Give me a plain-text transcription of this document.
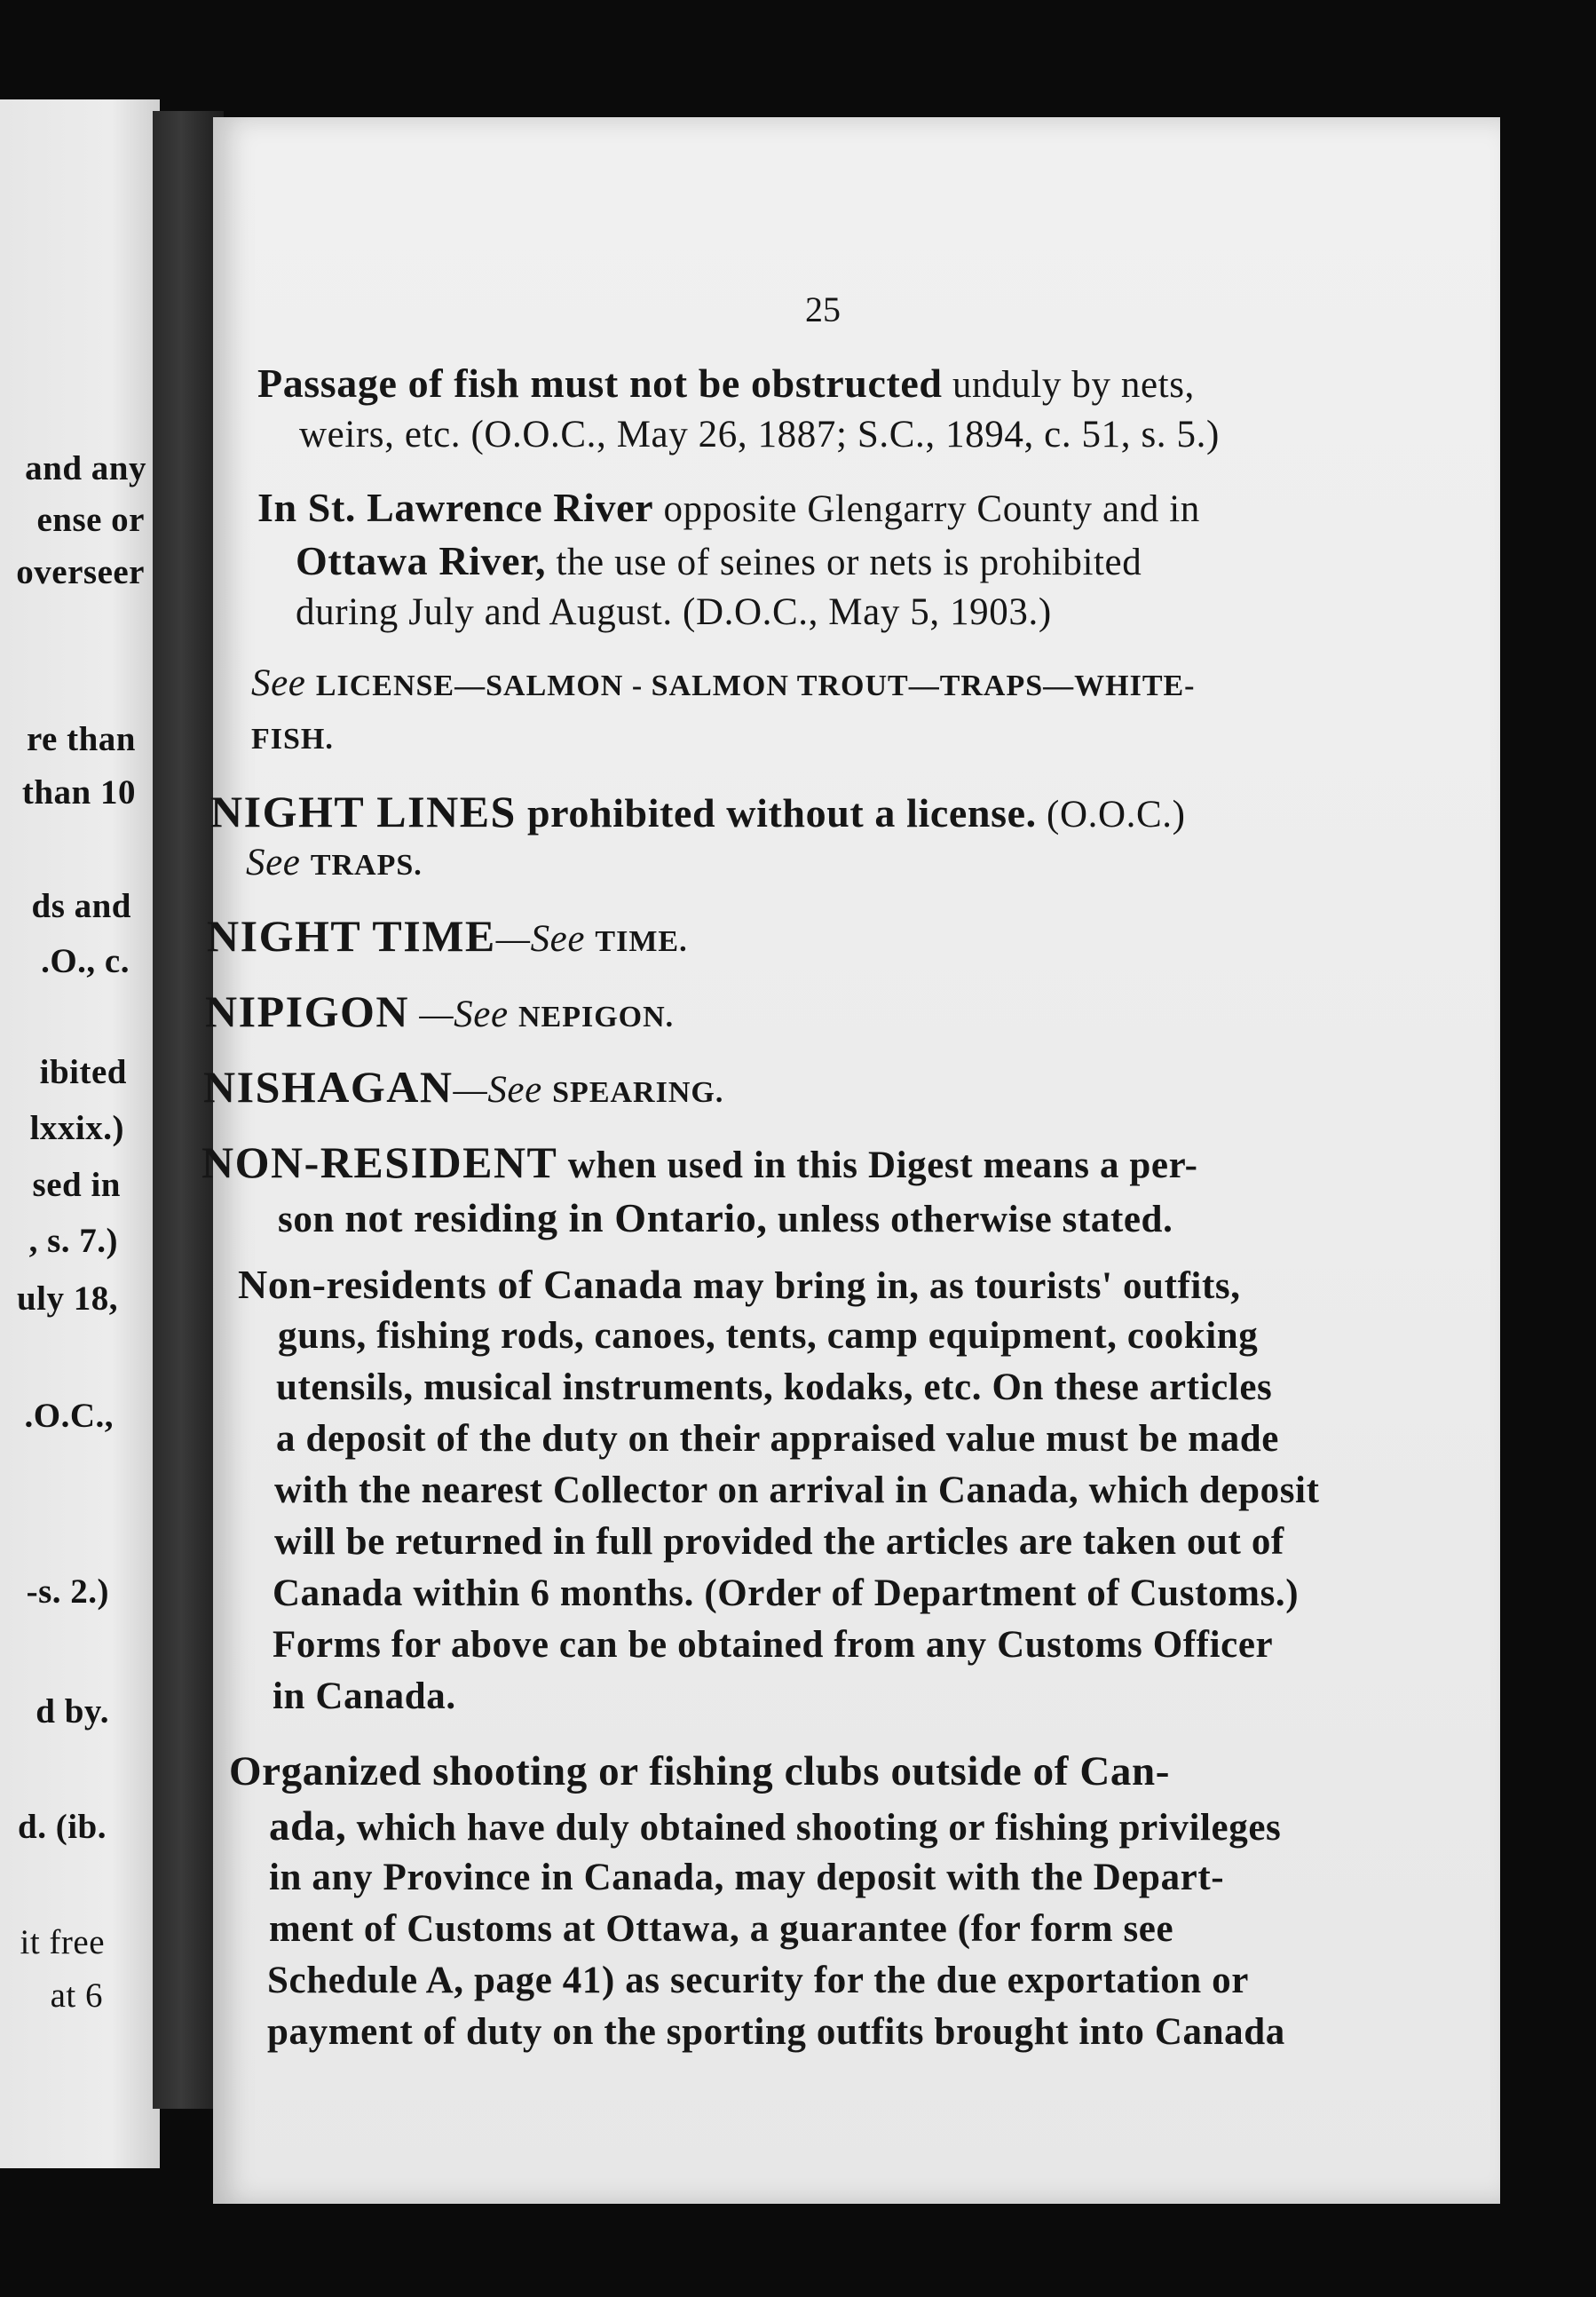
and any
ense or
overseer
re than
than 10
ds and
.O., c.
ibited
lxxix.)
sed in
, s. 7.)
uly 18,
.O.C.,
-s. 2.)
d by.
d. (ib.
it free
at 6
25
Passage of fish must not be obstructed unduly by nets,
weirs, etc. (O.O.C., May 26, 1887; S.C., 1894, c. 51, s. 5.)
In St. Lawrence River opposite Glengarry County and in
Ottawa River, the use of seines or nets is prohibited
during July and August. (D.O.C., May 5, 1903.)
See LICENSE—SALMON - SALMON TROUT—TRAPS—WHITE-
FISH.
NIGHT LINES prohibited without a license. (O.O.C.)
See TRAPS.
NIGHT TIME—See TIME.
NIPIGON —See NEPIGON.
NISHAGAN—See SPEARING.
NON-RESIDENT when used in this Digest means a per-
son not residing in Ontario, unless otherwise stated.
Non-residents of Canada may bring in, as tourists' outfits,
guns, fishing rods, canoes, tents, camp equipment, cooking
utensils, musical instruments, kodaks, etc. On these articles
a deposit of the duty on their appraised value must be made
with the nearest Collector on arrival in Canada, which deposit
will be returned in full provided the articles are taken out of
Canada within 6 months. (Order of Department of Customs.)
Forms for above can be obtained from any Customs Officer
in Canada.
Organized shooting or fishing clubs outside of Can-
ada, which have duly obtained shooting or fishing privileges
in any Province in Canada, may deposit with the Depart-
ment of Customs at Ottawa, a guarantee (for form see
Schedule A, page 41) as security for the due exportation or
payment of duty on the sporting outfits brought into Canada
